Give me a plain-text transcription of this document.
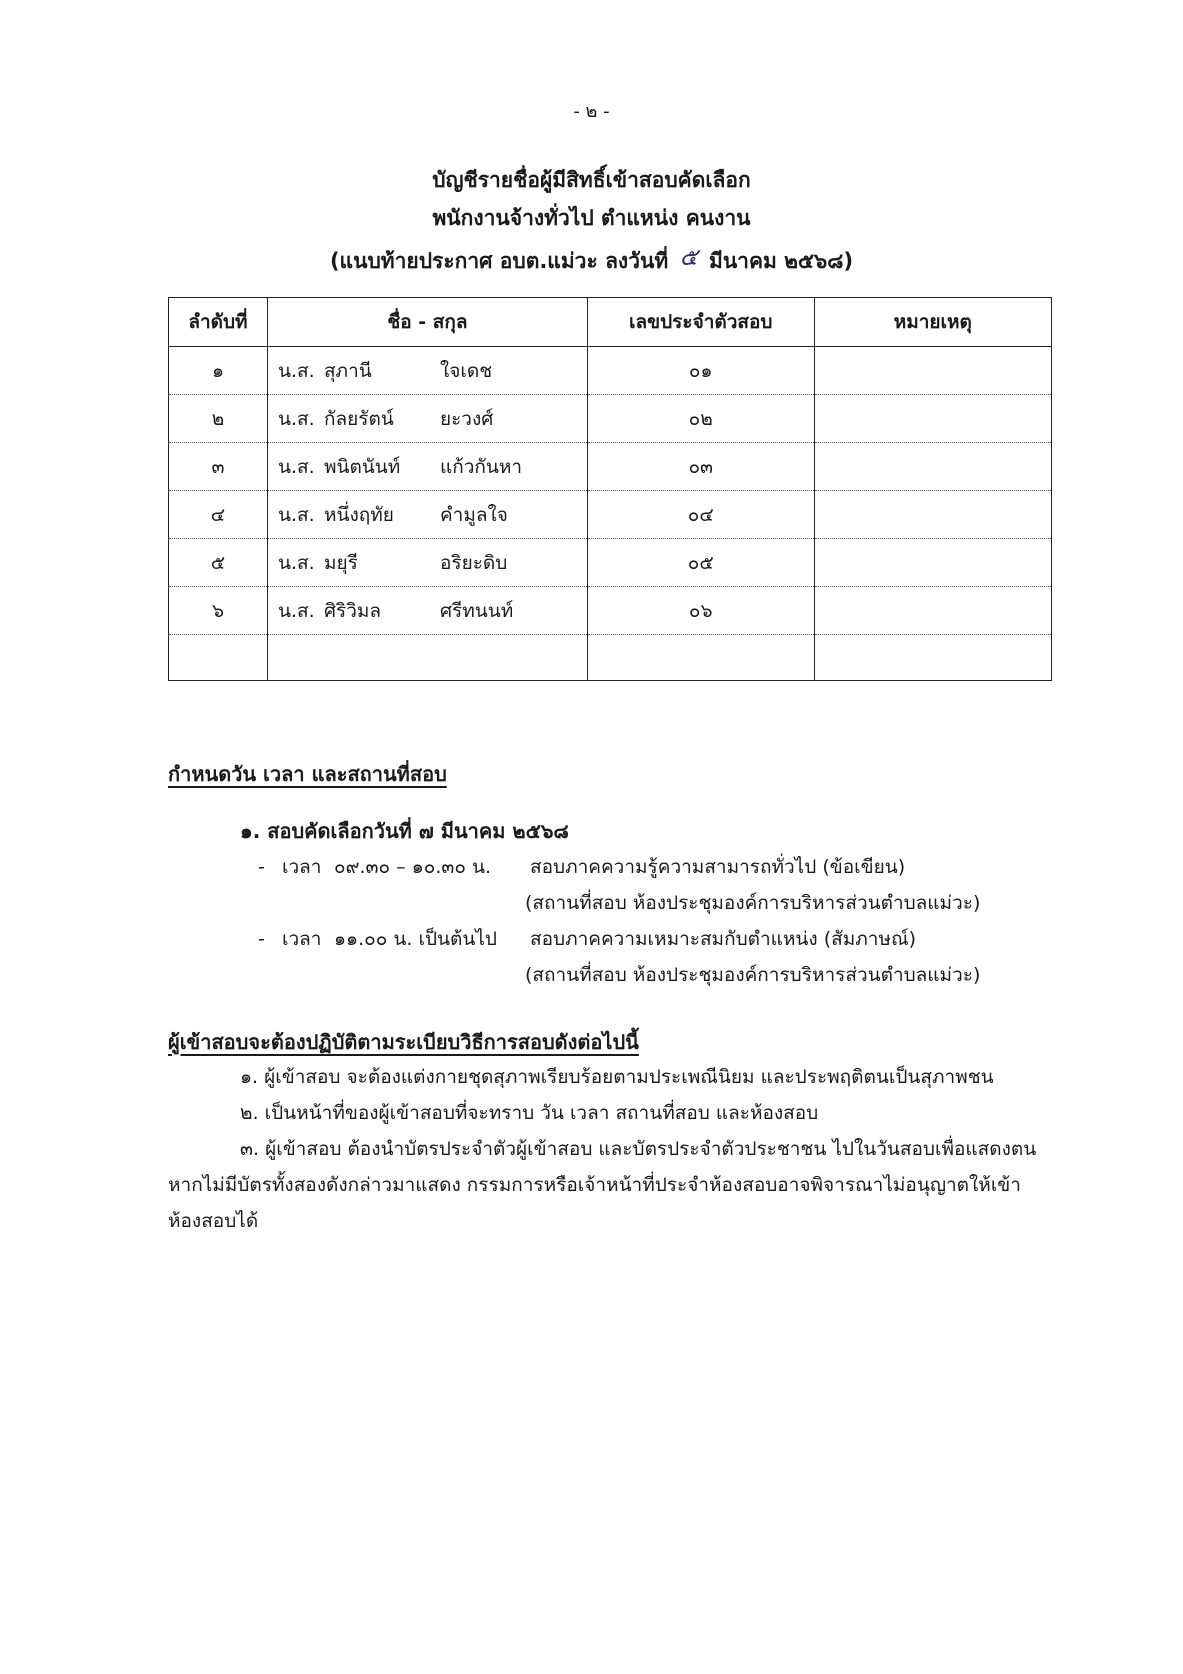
- ๒ -
บัญชีรายชื่อผู้มีสิทธิ์เข้าสอบคัดเลือก
พนักงานจ้างทั่วไป ตำแหน่ง คนงาน
(แนบท้ายประกาศ อบต.แม่วะ ลงวันที่ ๕ มีนาคม ๒๕๖๘)
ลำดับที่	ชื่อ - สกุล	เลขประจำตัวสอบ	หมายเหตุ
๑	น.ส. สุภานี ใจเดช	๐๑	
๒	น.ส. กัลยรัตน์ ยะวงศ์	๐๒	
๓	น.ส. พนิตนันท์ แก้วกันหา	๐๓	
๔	น.ส. หนึ่งฤทัย คำมูลใจ	๐๔	
๕	น.ส. มยุรี อริยะดิบ	๐๕	
๖	น.ส. ศิริวิมล ศรีทนนท์	๐๖	

กำหนดวัน เวลา และสถานที่สอบ
๑. สอบคัดเลือกวันที่ ๗ มีนาคม ๒๕๖๘
- เวลา ๐๙.๓๐ – ๑๐.๓๐ น. สอบภาคความรู้ความสามารถทั่วไป (ข้อเขียน)
(สถานที่สอบ ห้องประชุมองค์การบริหารส่วนตำบลแม่วะ)
- เวลา ๑๑.๐๐ น. เป็นต้นไป สอบภาคความเหมาะสมกับตำแหน่ง (สัมภาษณ์)
(สถานที่สอบ ห้องประชุมองค์การบริหารส่วนตำบลแม่วะ)
ผู้เข้าสอบจะต้องปฏิบัติตามระเบียบวิธีการสอบดังต่อไปนี้
๑. ผู้เข้าสอบ จะต้องแต่งกายชุดสุภาพเรียบร้อยตามประเพณีนิยม และประพฤติตนเป็นสุภาพชน
๒. เป็นหน้าที่ของผู้เข้าสอบที่จะทราบ วัน เวลา สถานที่สอบ และห้องสอบ
๓. ผู้เข้าสอบ ต้องนำบัตรประจำตัวผู้เข้าสอบ และบัตรประจำตัวประชาชน ไปในวันสอบเพื่อแสดงตน
หากไม่มีบัตรทั้งสองดังกล่าวมาแสดง กรรมการหรือเจ้าหน้าที่ประจำห้องสอบอาจพิจารณาไม่อนุญาตให้เข้า
ห้องสอบได้
